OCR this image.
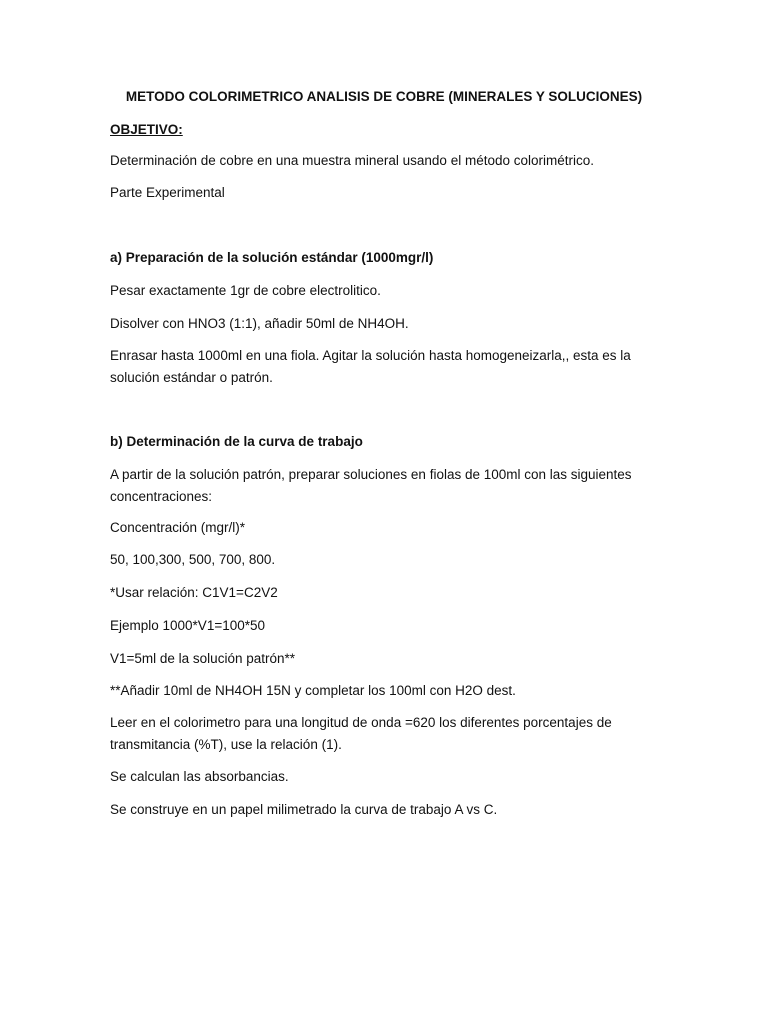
METODO COLORIMETRICO ANALISIS DE COBRE (MINERALES Y SOLUCIONES)
OBJETIVO:
Determinación de cobre en una muestra mineral usando el método colorimétrico.
Parte Experimental
a) Preparación de la solución estándar (1000mgr/l)
Pesar exactamente 1gr de cobre electrolitico.
Disolver con HNO3 (1:1), añadir 50ml de NH4OH.
Enrasar hasta 1000ml en una fiola. Agitar la solución hasta homogeneizarla,, esta es la solución estándar o patrón.
b) Determinación de la curva de trabajo
A partir de la solución patrón, preparar soluciones en fiolas de 100ml con las siguientes concentraciones:
Concentración (mgr/l)*
50, 100,300, 500, 700, 800.
*Usar relación: C1V1=C2V2
Ejemplo 1000*V1=100*50
V1=5ml de la solución patrón**
**Añadir 10ml de NH4OH 15N y completar los 100ml con H2O dest.
Leer en el colorimetro para una longitud de onda =620 los diferentes porcentajes de transmitancia (%T), use la relación (1).
Se calculan las absorbancias.
Se construye en un papel milimetrado la curva de trabajo A vs C.
